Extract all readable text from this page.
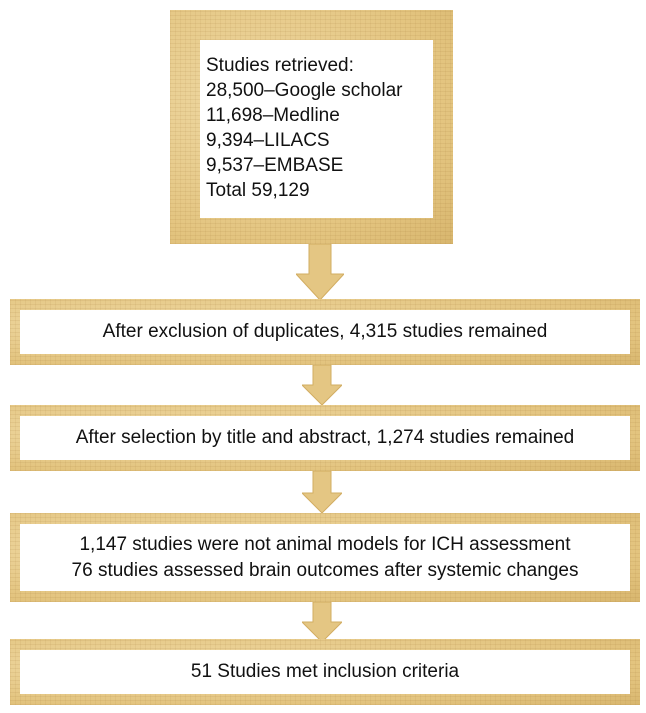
Studies retrieved:
28,500–Google scholar
11,698–Medline
9,394–LILACS
9,537–EMBASE
Total 59,129
After exclusion of duplicates, 4,315 studies remained
After selection by title and abstract, 1,274 studies remained
1,147 studies were not animal models for ICH assessment
76 studies assessed brain outcomes after systemic changes
51 Studies met inclusion criteria
